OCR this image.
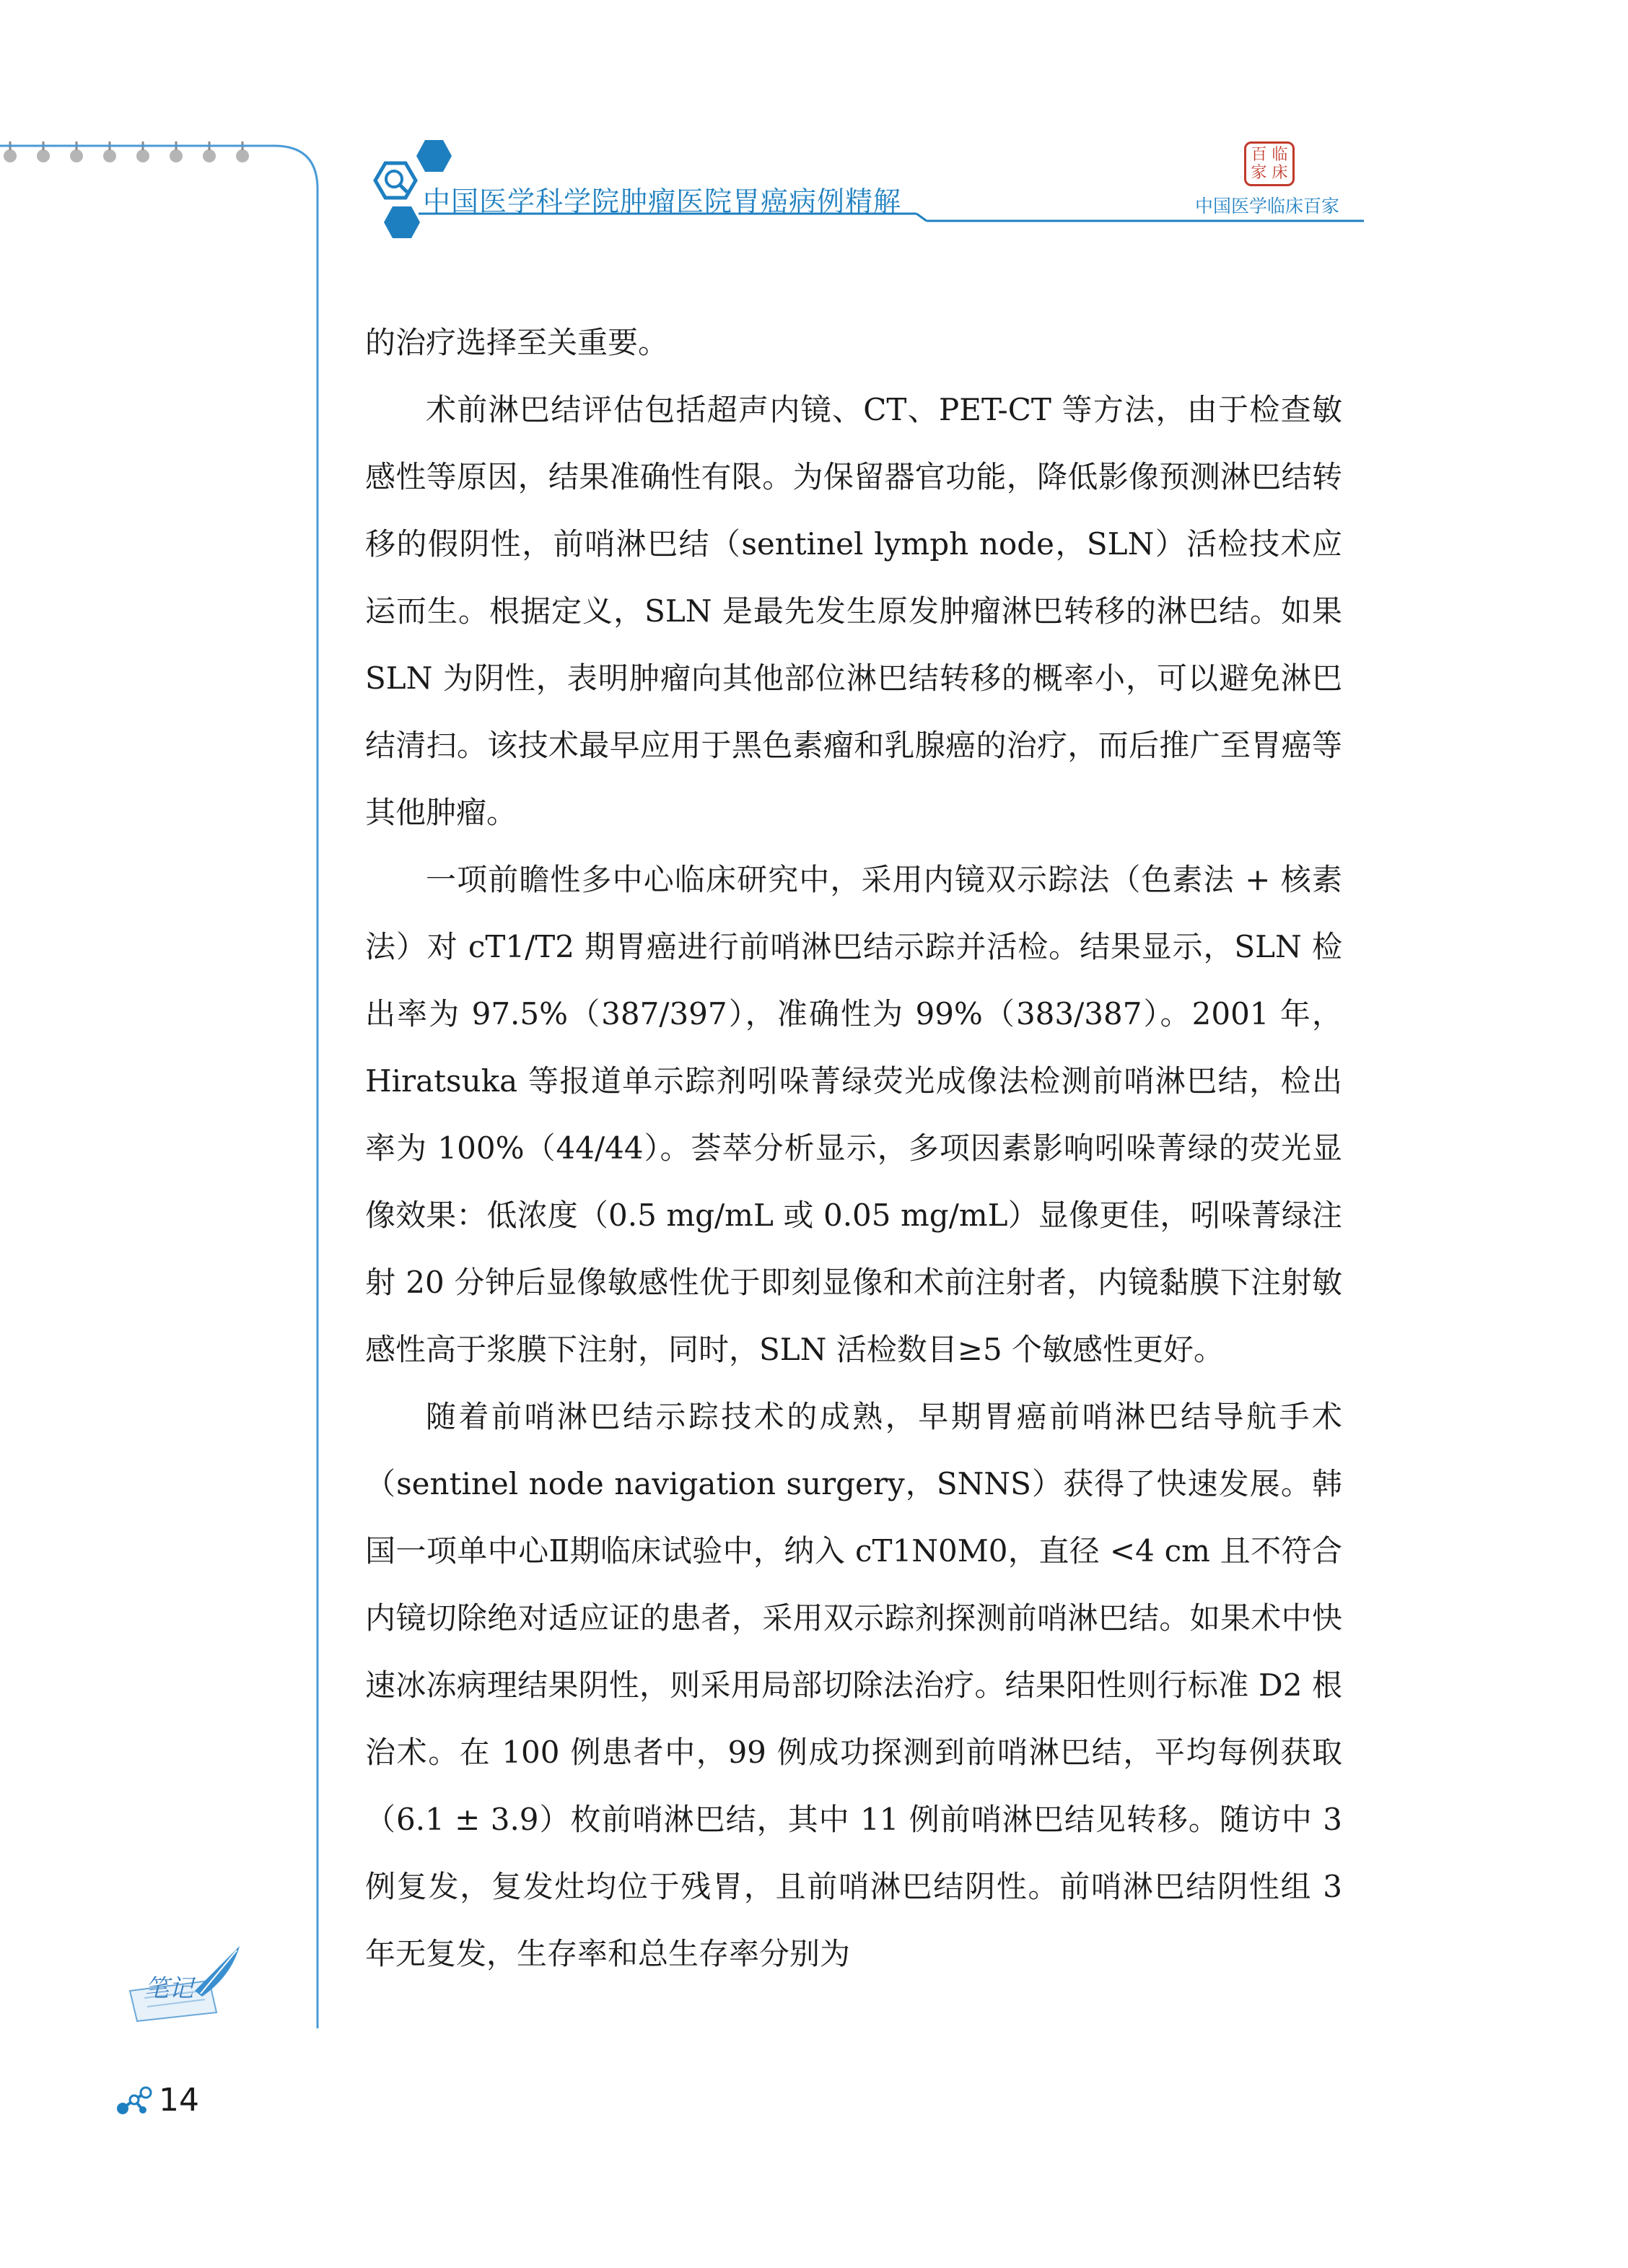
中国医学科学院肿瘤医院胃癌病例精解
百 临
家 床
中国医学临床百家

的治疗选择至关重要。

术前淋巴结评估包括超声内镜、CT、PET-CT 等方法，由于检查敏感性等原因，结果准确性有限。为保留器官功能，降低影像预测淋巴结转移的假阴性，前哨淋巴结（sentinel lymph node，SLN）活检技术应运而生。根据定义，SLN 是最先发生原发肿瘤淋巴转移的淋巴结。如果 SLN 为阴性，表明肿瘤向其他部位淋巴结转移的概率小，可以避免淋巴结清扫。该技术最早应用于黑色素瘤和乳腺癌的治疗，而后推广至胃癌等其他肿瘤。

一项前瞻性多中心临床研究中，采用内镜双示踪法（色素法 + 核素法）对 cT1/T2 期胃癌进行前哨淋巴结示踪并活检。结果显示，SLN 检出率为 97.5%（387/397），准确性为 99%（383/387）。2001 年，Hiratsuka 等报道单示踪剂吲哚菁绿荧光成像法检测前哨淋巴结，检出率为 100%（44/44）。荟萃分析显示，多项因素影响吲哚菁绿的荧光显像效果：低浓度（0.5 mg/mL 或 0.05 mg/mL）显像更佳，吲哚菁绿注射 20 分钟后显像敏感性优于即刻显像和术前注射者，内镜黏膜下注射敏感性高于浆膜下注射，同时，SLN 活检数目≥5 个敏感性更好。

随着前哨淋巴结示踪技术的成熟，早期胃癌前哨淋巴结导航手术（sentinel node navigation surgery，SNNS）获得了快速发展。韩国一项单中心Ⅱ期临床试验中，纳入 cT1N0M0，直径 <4 cm 且不符合内镜切除绝对适应证的患者，采用双示踪剂探测前哨淋巴结。如果术中快速冰冻病理结果阴性，则采用局部切除法治疗。结果阳性则行标准 D2 根治术。在 100 例患者中，99 例成功探测到前哨淋巴结，平均每例获取（6.1 ± 3.9）枚前哨淋巴结，其中 11 例前哨淋巴结见转移。随访中 3 例复发，复发灶均位于残胃，且前哨淋巴结阴性。前哨淋巴结阴性组 3 年无复发，生存率和总生存率分别为

笔记
14
